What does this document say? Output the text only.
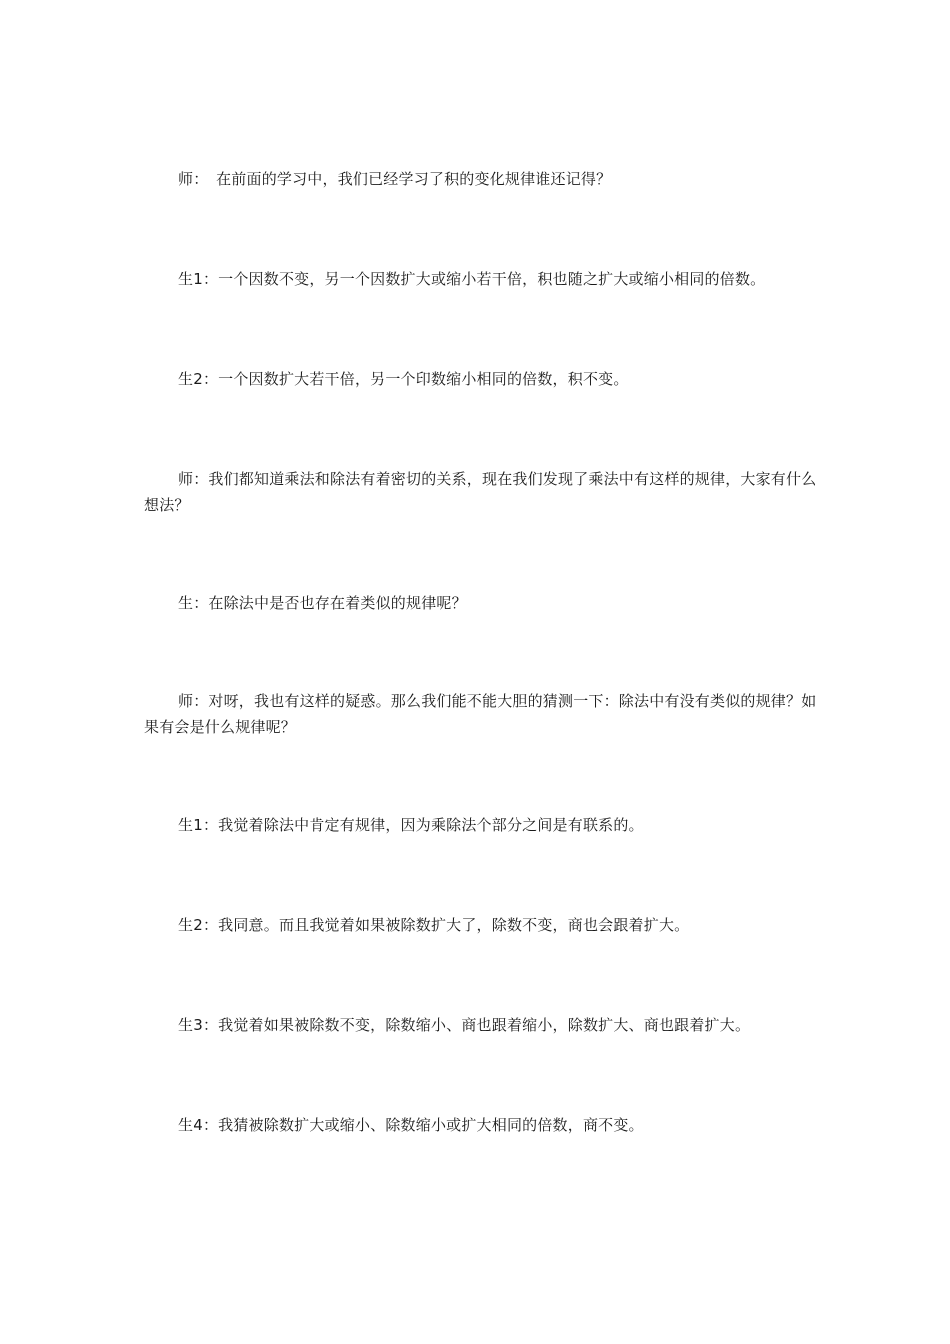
师：　在前面的学习中，我们已经学习了积的变化规律谁还记得？

生1：一个因数不变，另一个因数扩大或缩小若干倍，积也随之扩大或缩小相同的倍数。

生2：一个因数扩大若干倍，另一个印数缩小相同的倍数，积不变。

师：我们都知道乘法和除法有着密切的关系，现在我们发现了乘法中有这样的规律，大家有什么想法？

生：在除法中是否也存在着类似的规律呢？

师：对呀，我也有这样的疑惑。那么我们能不能大胆的猜测一下：除法中有没有类似的规律？如果有会是什么规律呢？

生1：我觉着除法中肯定有规律，因为乘除法个部分之间是有联系的。

生2：我同意。而且我觉着如果被除数扩大了，除数不变，商也会跟着扩大。

生3：我觉着如果被除数不变，除数缩小、商也跟着缩小，除数扩大、商也跟着扩大。

生4：我猜被除数扩大或缩小、除数缩小或扩大相同的倍数，商不变。
